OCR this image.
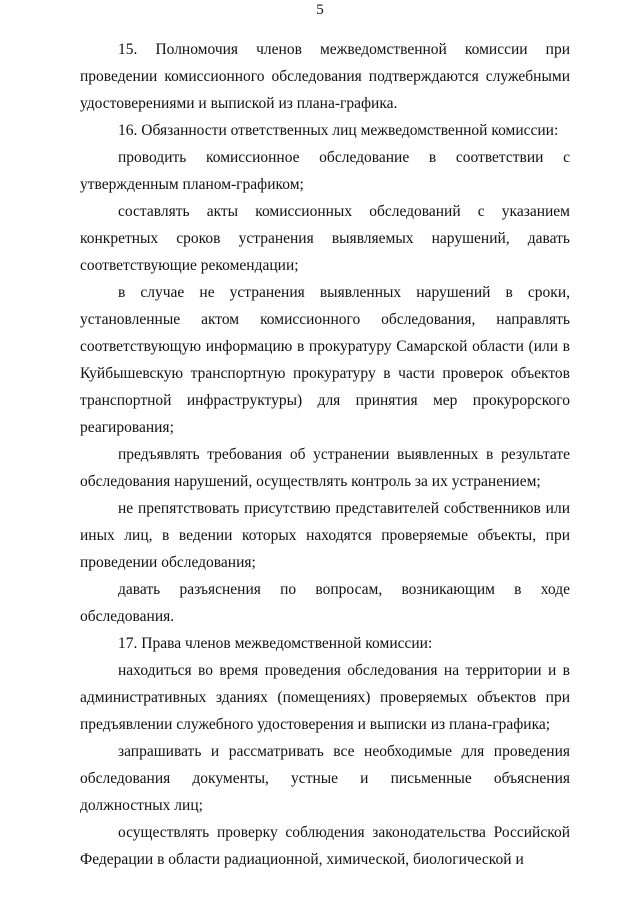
5

15. Полномочия членов межведомственной комиссии при проведении комиссионного обследования подтверждаются служебными удостоверениями и выпиской из плана-графика.

16. Обязанности ответственных лиц межведомственной комиссии:

проводить комиссионное обследование в соответствии с утвержденным планом-графиком;

составлять акты комиссионных обследований с указанием конкретных сроков устранения выявляемых нарушений, давать соответствующие рекомендации;

в случае не устранения выявленных нарушений в сроки, установленные актом комиссионного обследования, направлять соответствующую информацию в прокуратуру Самарской области (или в Куйбышевскую транспортную прокуратуру в части проверок объектов транспортной инфраструктуры) для принятия мер прокурорского реагирования;

предъявлять требования об устранении выявленных в результате обследования нарушений, осуществлять контроль за их устранением;

не препятствовать присутствию представителей собственников или иных лиц, в ведении которых находятся проверяемые объекты, при проведении обследования;

давать разъяснения по вопросам, возникающим в ходе обследования.

17. Права членов межведомственной комиссии:

находиться во время проведения обследования на территории и в административных зданиях (помещениях) проверяемых объектов при предъявлении служебного удостоверения и выписки из плана-графика;

запрашивать и рассматривать все необходимые для проведения обследования документы, устные и письменные объяснения должностных лиц;

осуществлять проверку соблюдения законодательства Российской Федерации в области радиационной, химической, биологической и
